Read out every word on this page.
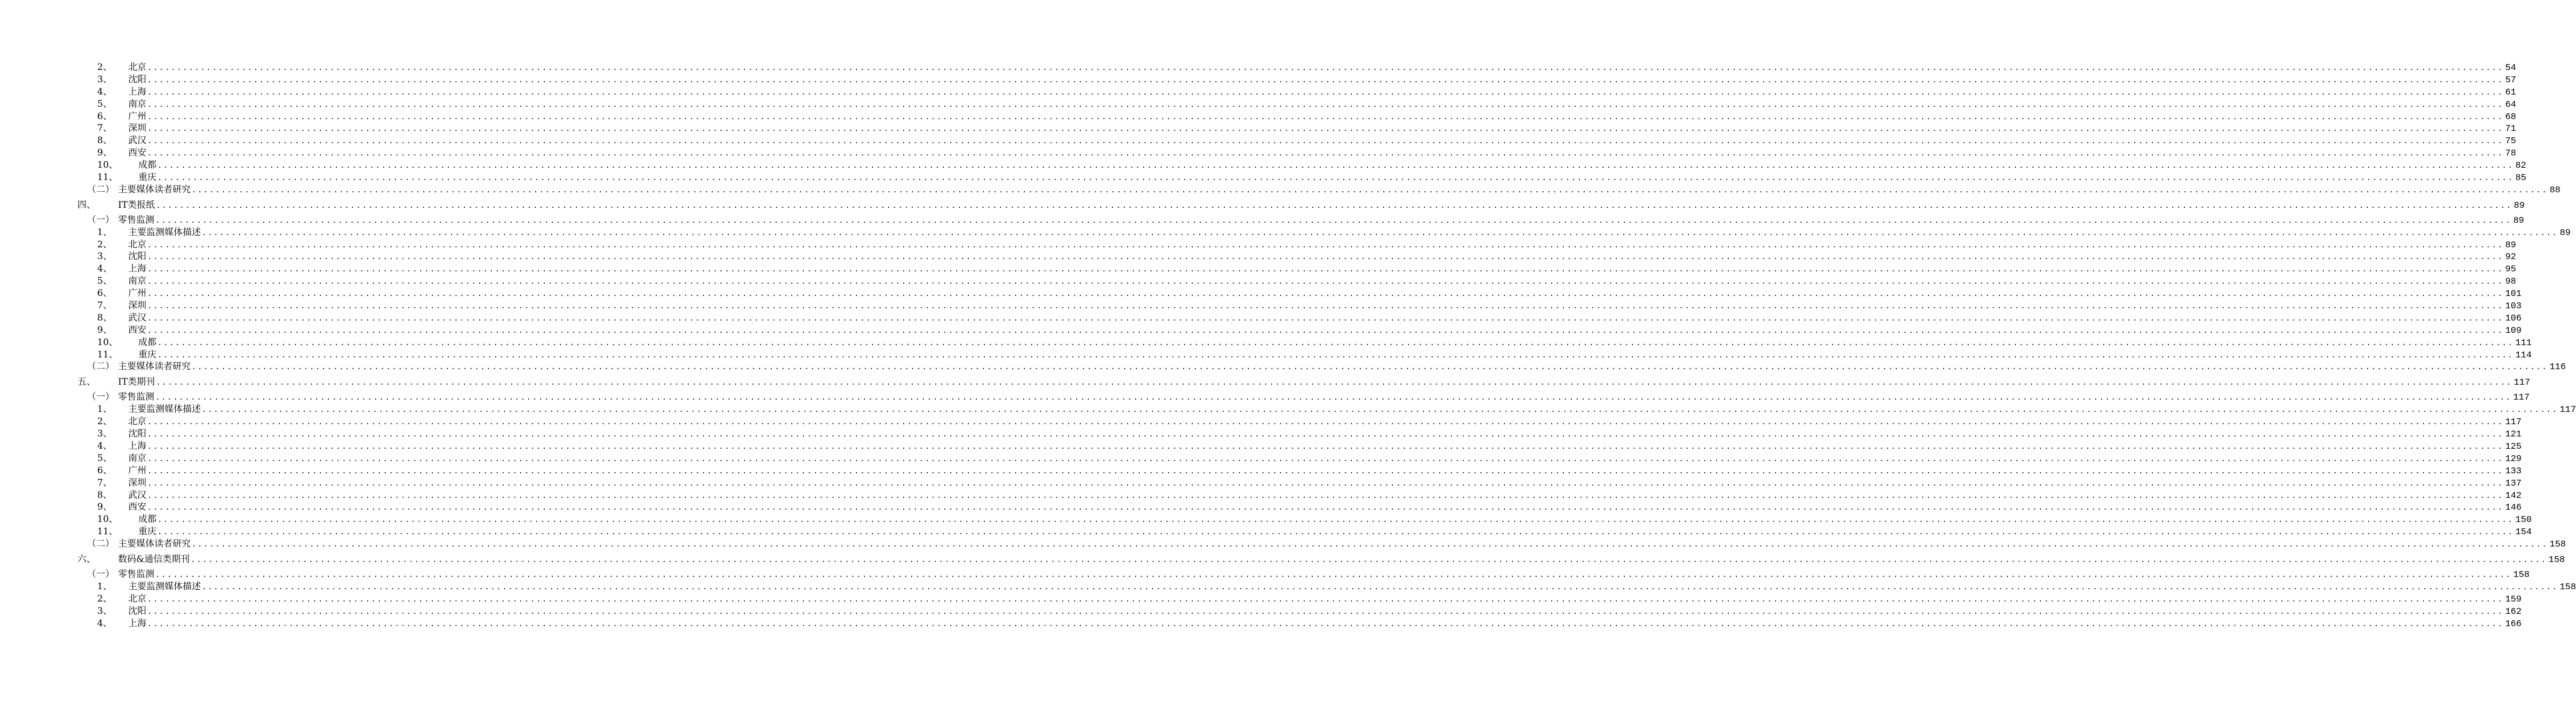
2、 北京 ................................................................................................................................................................................................................................................................................................................................................................................................................ 54
3、 沈阳 ................................................................................................................................................................................................................................................................................................................................................................................................................ 57
4、 上海 ................................................................................................................................................................................................................................................................................................................................................................................................................ 61
5、 南京 ................................................................................................................................................................................................................................................................................................................................................................................................................ 64
6、 广州 ................................................................................................................................................................................................................................................................................................................................................................................................................ 68
7、 深圳 ................................................................................................................................................................................................................................................................................................................................................................................................................ 71
8、 武汉 ................................................................................................................................................................................................................................................................................................................................................................................................................ 75
9、 西安 ................................................................................................................................................................................................................................................................................................................................................................................................................ 78
10、 成都 ................................................................................................................................................................................................................................................................................................................................................................................................................ 82
11、 重庆 ................................................................................................................................................................................................................................................................................................................................................................................................................ 85
（二） 主要媒体读者研究 ................................................................................................................................................................................................................................................................................................................................................................................................................ 88
四、 IT类报纸 ................................................................................................................................................................................................................................................................................................................................................................................................................ 89
（一） 零售监测 ................................................................................................................................................................................................................................................................................................................................................................................................................ 89
1、 主要监测媒体描述 ................................................................................................................................................................................................................................................................................................................................................................................................................ 89
2、 北京 ................................................................................................................................................................................................................................................................................................................................................................................................................ 89
3、 沈阳 ................................................................................................................................................................................................................................................................................................................................................................................................................ 92
4、 上海 ................................................................................................................................................................................................................................................................................................................................................................................................................ 95
5、 南京 ................................................................................................................................................................................................................................................................................................................................................................................................................ 98
6、 广州 ................................................................................................................................................................................................................................................................................................................................................................................................................ 101
7、 深圳 ................................................................................................................................................................................................................................................................................................................................................................................................................ 103
8、 武汉 ................................................................................................................................................................................................................................................................................................................................................................................................................ 106
9、 西安 ................................................................................................................................................................................................................................................................................................................................................................................................................ 109
10、 成都 ................................................................................................................................................................................................................................................................................................................................................................................................................ 111
11、 重庆 ................................................................................................................................................................................................................................................................................................................................................................................................................ 114
（二） 主要媒体读者研究 ................................................................................................................................................................................................................................................................................................................................................................................................................ 116
五、 IT类期刊 ................................................................................................................................................................................................................................................................................................................................................................................................................ 117
（一） 零售监测 ................................................................................................................................................................................................................................................................................................................................................................................................................ 117
1、 主要监测媒体描述 ................................................................................................................................................................................................................................................................................................................................................................................................................ 117
2、 北京 ................................................................................................................................................................................................................................................................................................................................................................................................................ 117
3、 沈阳 ................................................................................................................................................................................................................................................................................................................................................................................................................ 121
4、 上海 ................................................................................................................................................................................................................................................................................................................................................................................................................ 125
5、 南京 ................................................................................................................................................................................................................................................................................................................................................................................................................ 129
6、 广州 ................................................................................................................................................................................................................................................................................................................................................................................................................ 133
7、 深圳 ................................................................................................................................................................................................................................................................................................................................................................................................................ 137
8、 武汉 ................................................................................................................................................................................................................................................................................................................................................................................................................ 142
9、 西安 ................................................................................................................................................................................................................................................................................................................................................................................................................ 146
10、 成都 ................................................................................................................................................................................................................................................................................................................................................................................................................ 150
11、 重庆 ................................................................................................................................................................................................................................................................................................................................................................................................................ 154
（二） 主要媒体读者研究 ................................................................................................................................................................................................................................................................................................................................................................................................................ 158
六、 数码&通信类期刊 ................................................................................................................................................................................................................................................................................................................................................................................................................ 158
（一） 零售监测 ................................................................................................................................................................................................................................................................................................................................................................................................................ 158
1、 主要监测媒体描述 ................................................................................................................................................................................................................................................................................................................................................................................................................ 158
2、 北京 ................................................................................................................................................................................................................................................................................................................................................................................................................ 159
3、 沈阳 ................................................................................................................................................................................................................................................................................................................................................................................................................ 162
4、 上海 ................................................................................................................................................................................................................................................................................................................................................................................................................ 166
